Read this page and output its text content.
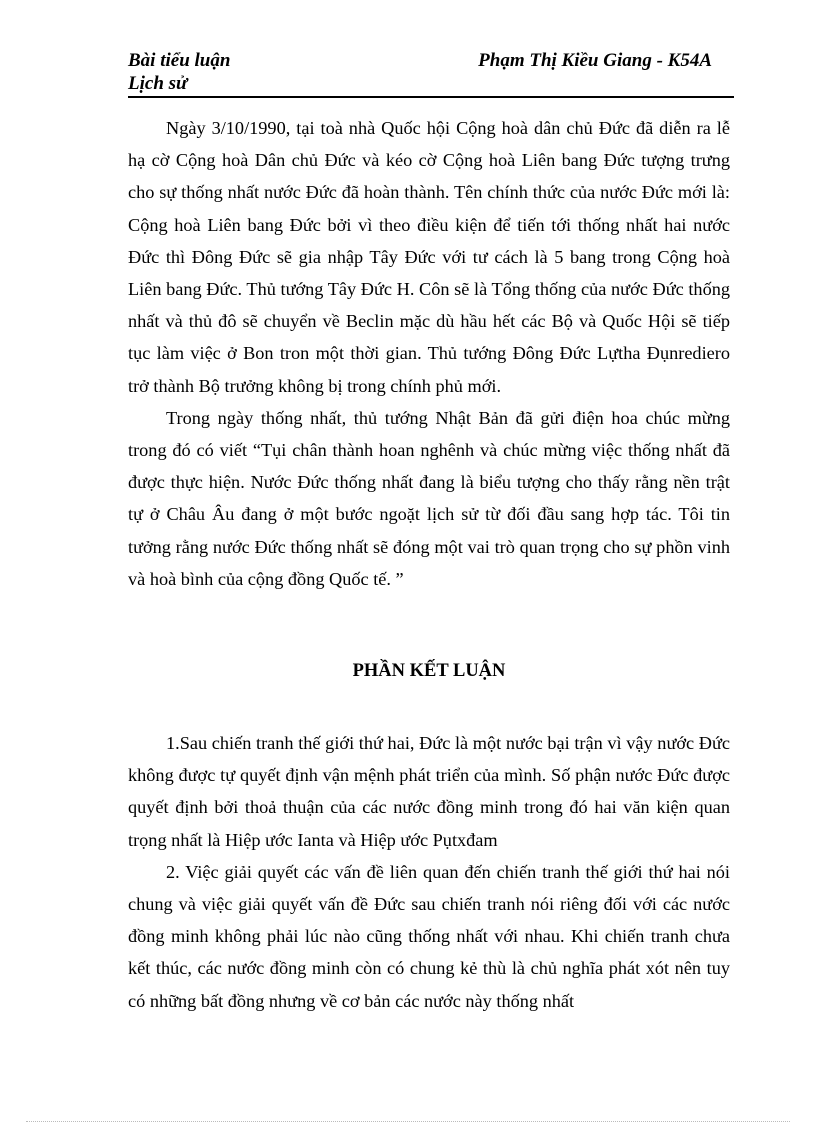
Bài tiểu luận
Lịch sử
Phạm Thị Kiều Giang - K54A

Ngày 3/10/1990, tại toà nhà Quốc hội Cộng hoà dân chủ Đức đã diễn ra lễ hạ cờ Cộng hoà Dân chủ Đức và kéo cờ Cộng hoà Liên bang Đức tượng trưng cho sự thống nhất nước Đức đã hoàn thành. Tên chính thức của nước Đức mới là: Cộng hoà Liên bang Đức bởi vì theo điều kiện để tiến tới thống nhất hai nước Đức thì Đông Đức sẽ gia nhập Tây Đức với tư cách là 5 bang trong Cộng hoà Liên bang Đức. Thủ tướng Tây Đức H. Côn sẽ là Tổng thống của nước Đức thống nhất và thủ đô sẽ chuyển về Beclin mặc dù hầu hết các Bộ và Quốc Hội sẽ tiếp tục làm việc ở Bon tron một thời gian. Thủ tướng Đông Đức Lựtha Đụnrediero trở thành Bộ trưởng không bị trong chính phủ mới.

Trong ngày thống nhất, thủ tướng Nhật Bản đã gửi điện hoa chúc mừng trong đó có viết “Tụi chân thành hoan nghênh và chúc mừng việc thống nhất đã được thực hiện. Nước Đức thống nhất đang là biểu tượng cho thấy rằng nền trật tự ở Châu Âu đang ở một bước ngoặt lịch sử từ đối đầu sang hợp tác. Tôi tin tưởng rằng nước Đức thống nhất sẽ đóng một vai trò quan trọng cho sự phồn vinh và hoà bình của cộng đồng Quốc tế. ”

PHẦN KẾT LUẬN

1.Sau chiến tranh thế giới thứ hai, Đức là một nước bại trận vì vậy nước Đức không được tự quyết định vận mệnh phát triển của mình. Số phận nước Đức được quyết định bởi thoả thuận của các nước đồng minh trong đó hai văn kiện quan trọng nhất là Hiệp ước Ianta và Hiệp ước Pụtxđam

2. Việc giải quyết các vấn đề liên quan đến chiến tranh thế giới thứ hai nói chung và việc giải quyết vấn đề Đức sau chiến tranh nói riêng đối với các nước đồng minh không phải lúc nào cũng thống nhất với nhau. Khi chiến tranh chưa kết thúc, các nước đồng minh còn có chung kẻ thù là chủ nghĩa phát xót nên tuy có những bất đồng nhưng về cơ bản các nước này thống nhất
